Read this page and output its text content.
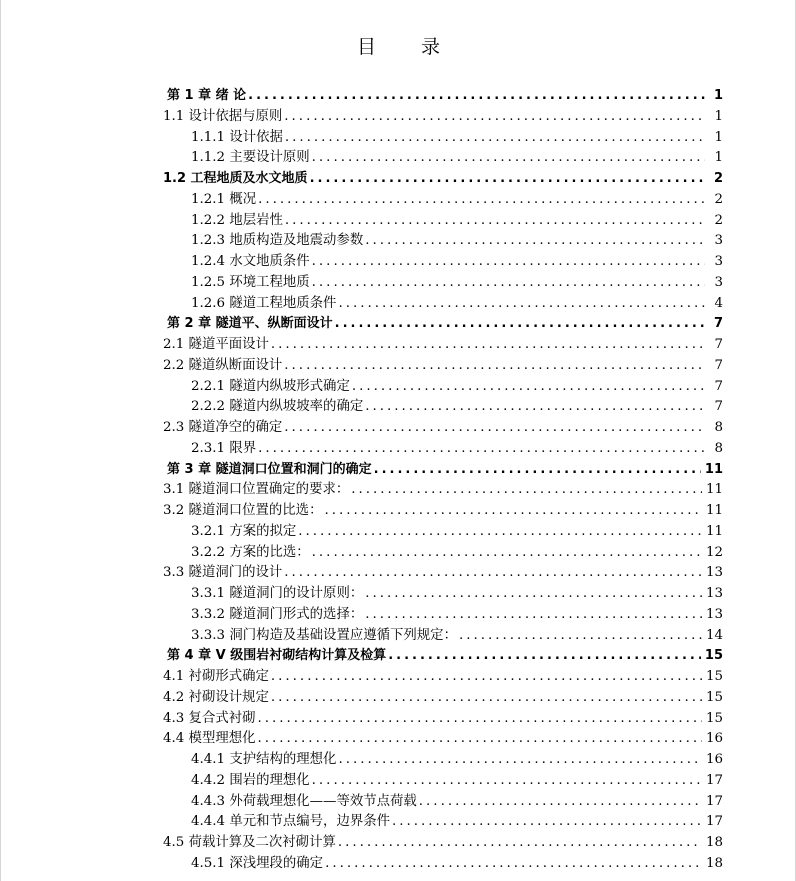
目 录
第 1 章 绪 论 .....	1
1.1 设计依据与原则 .....	1
1.1.1 设计依据 .....	1
1.1.2 主要设计原则 .....	1
1.2 工程地质及水文地质 .....	2
1.2.1 概况 .....	2
1.2.2 地层岩性 .....	2
1.2.3 地质构造及地震动参数 .....	3
1.2.4 水文地质条件 .....	3
1.2.5 环境工程地质 .....	3
1.2.6 隧道工程地质条件 .....	4
第 2 章 隧道平、纵断面设计 .....	7
2.1 隧道平面设计 .....	7
2.2 隧道纵断面设计 .....	7
2.2.1 隧道内纵坡形式确定 .....	7
2.2.2 隧道内纵坡坡率的确定 .....	7
2.3 隧道净空的确定 .....	8
2.3.1 限界 .....	8
第 3 章 隧道洞口位置和洞门的确定 .....	11
3.1 隧道洞口位置确定的要求： .....	11
3.2 隧道洞口位置的比选： .....	11
3.2.1 方案的拟定 .....	11
3.2.2 方案的比选： .....	12
3.3 隧道洞门的设计 .....	13
3.3.1 隧道洞门的设计原则： .....	13
3.3.2 隧道洞门形式的选择： .....	13
3.3.3 洞门构造及基础设置应遵循下列规定： .....	14
第 4 章 V 级围岩衬砌结构计算及检算 .....	15
4.1 衬砌形式确定 .....	15
4.2 衬砌设计规定 .....	15
4.3 复合式衬砌 .....	15
4.4 模型理想化 .....	16
4.4.1 支护结构的理想化 .....	16
4.4.2 围岩的理想化 .....	17
4.4.3 外荷载理想化——等效节点荷载 .....	17
4.4.4 单元和节点编号，边界条件 .....	17
4.5 荷载计算及二次衬砌计算 .....	18
4.5.1 深浅埋段的确定 .....	18
